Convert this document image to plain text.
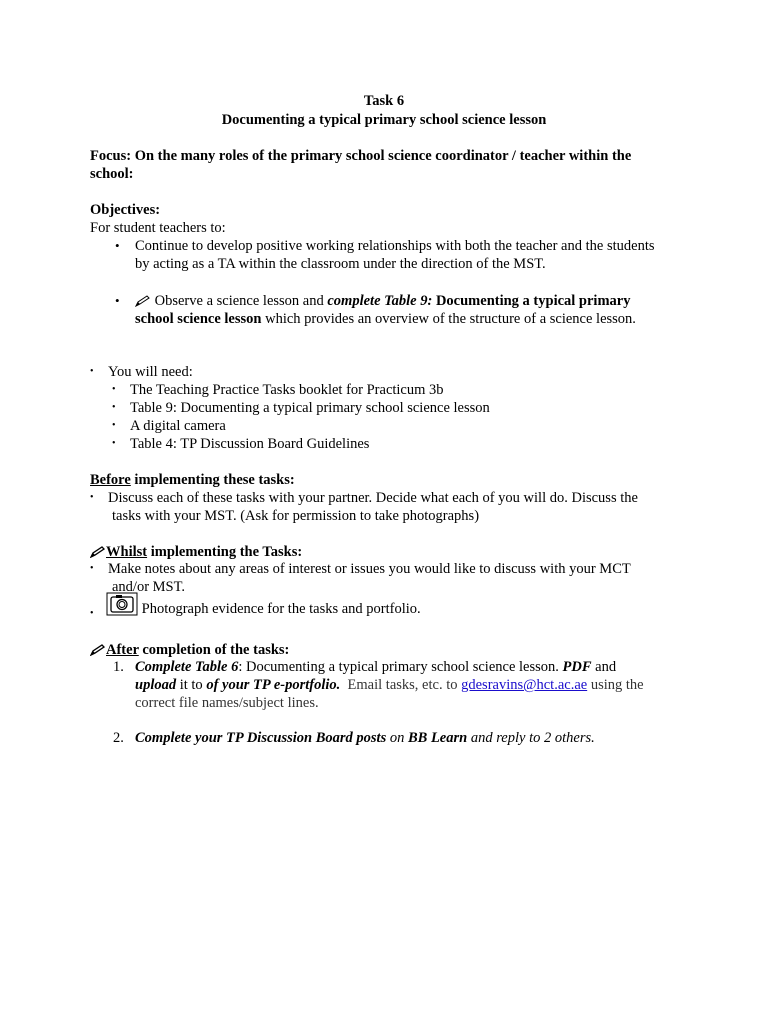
Task 6
Documenting a typical primary school science lesson
Focus: On the many roles of the primary school science coordinator / teacher within the
school:
Objectives:
For student teachers to:
• Continue to develop positive working relationships with both the teacher and the students
by acting as a TA within the classroom under the direction of the MST.
•	Observe a science lesson and complete Table 9: Documenting a typical primary
school science lesson which provides an overview of the structure of a science lesson.
• You will need:
• The Teaching Practice Tasks booklet for Practicum 3b
• Table 9: Documenting a typical primary school science lesson
• A digital camera
• Table 4: TP Discussion Board Guidelines
Before implementing these tasks:
• Discuss each of these tasks with your partner. Decide what each of you will do. Discuss the
tasks with your MST. (Ask for permission to take photographs)
Whilst implementing the Tasks:
• Make notes about any areas of interest or issues you would like to discuss with your MCT
and/or MST.
•	Photograph evidence for the tasks and portfolio.
After completion of the tasks:
1. Complete Table 6: Documenting a typical primary school science lesson. PDF and
upload it to of your TP e-portfolio. Email tasks, etc. to gdesravins@hct.ac.ae using the
correct file names/subject lines.
2. Complete your TP Discussion Board posts on BB Learn and reply to 2 others.
